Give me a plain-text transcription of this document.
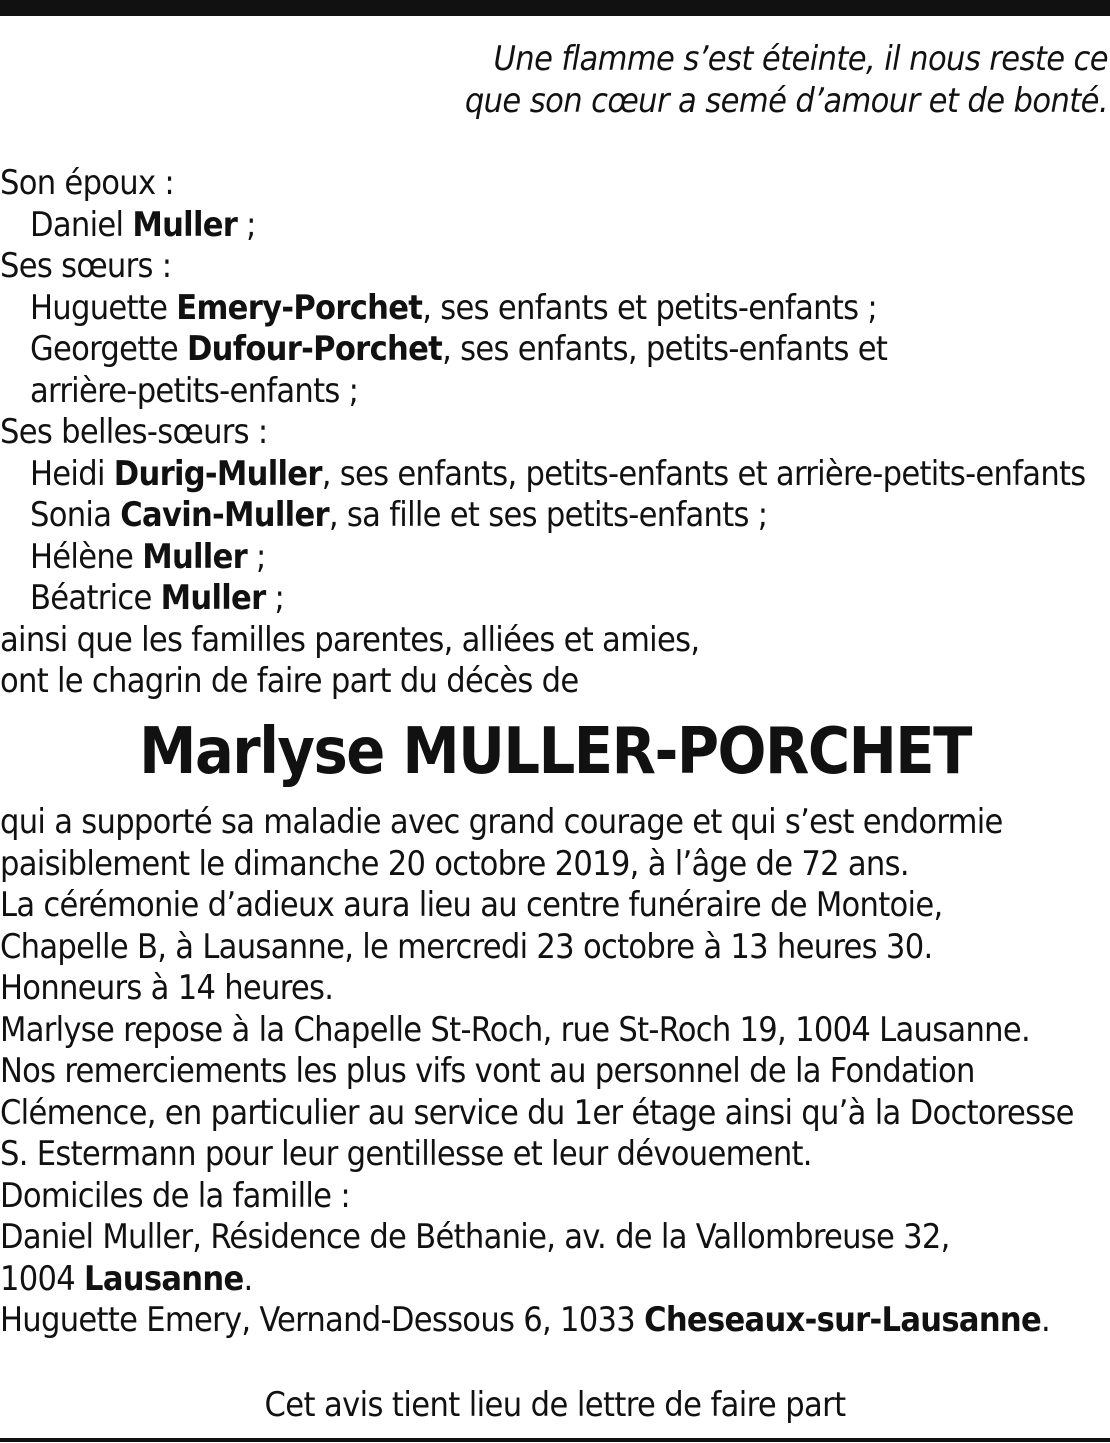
Une flamme s’est éteinte, il nous reste ce
que son cœur a semé d’amour et de bonté.
Son époux :
Daniel Muller ;
Ses sœurs :
Huguette Emery-Porchet, ses enfants et petits-enfants ;
Georgette Dufour-Porchet, ses enfants, petits-enfants et
arrière-petits-enfants ;
Ses belles-sœurs :
Heidi Durig-Muller, ses enfants, petits-enfants et arrière-petits-enfants
Sonia Cavin-Muller, sa fille et ses petits-enfants ;
Hélène Muller ;
Béatrice Muller ;
ainsi que les familles parentes, alliées et amies,
ont le chagrin de faire part du décès de
Marlyse MULLER-PORCHET
qui a supporté sa maladie avec grand courage et qui s’est endormie
paisiblement le dimanche 20 octobre 2019, à l’âge de 72 ans.
La cérémonie d’adieux aura lieu au centre funéraire de Montoie,
Chapelle B, à Lausanne, le mercredi 23 octobre à 13 heures 30.
Honneurs à 14 heures.
Marlyse repose à la Chapelle St-Roch, rue St-Roch 19, 1004 Lausanne.
Nos remerciements les plus vifs vont au personnel de la Fondation
Clémence, en particulier au service du 1er étage ainsi qu’à la Doctoresse
S. Estermann pour leur gentillesse et leur dévouement.
Domiciles de la famille :
Daniel Muller, Résidence de Béthanie, av. de la Vallombreuse 32,
1004 Lausanne.
Huguette Emery, Vernand-Dessous 6, 1033 Cheseaux-sur-Lausanne.
Cet avis tient lieu de lettre de faire part
